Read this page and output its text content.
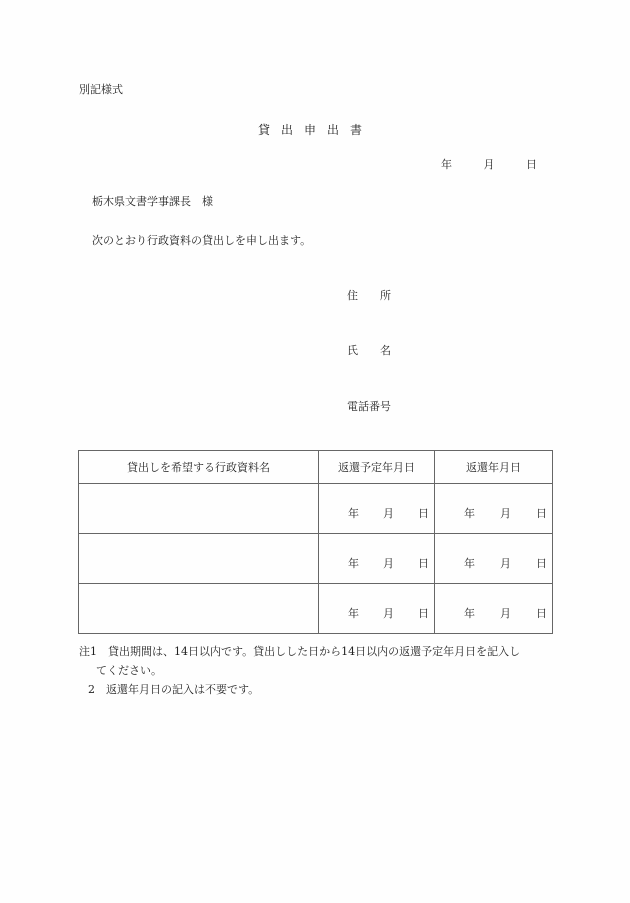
別記様式
貸出申出書
年	月	日
栃木県文書学事課長　様
次のとおり行政資料の貸出しを申し出ます。
住　　所
氏　　名
電話番号
貸出しを希望する行政資料名	返還予定年月日	返還年月日

	年 月 日	年 月 日

	年 月 日	年 月 日

	年 月 日	年 月 日
注1　貸出期間は、14日以内です。貸出しした日から14日以内の返還予定年月日を記入し
てください。
2　返還年月日の記入は不要です。
